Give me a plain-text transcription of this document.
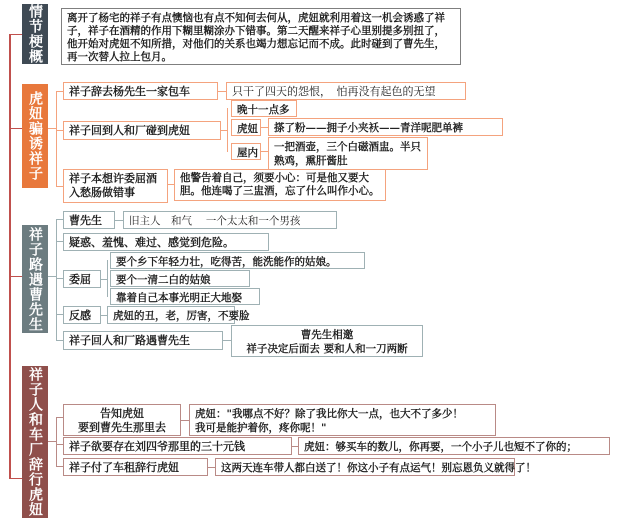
情节梗概	离开了杨宅的祥子有点懊恼也有点不知何去何从，虎妞就利用着这一机会诱惑了祥子，祥子在酒精的作用下糊里糊涂办下错事。第二天醒来祥子心里别提多别扭了，他开始对虎妞不知所措，对他们的关系也竭力想忘记而不成。此时碰到了曹先生，再一次替人拉上包月。
虎妞骗诱祥子	祥子辞去杨先生一家包车	只干了四天的怨恨，　怕再没有起色的无望
祥子回到人和厂碰到虎妞
晚十一点多
虎妞	搽了粉——拥子小夹袄——青洋呢肥单裤
屋内	一把酒壶，三个白磁酒盅。半只熟鸡，熏肝酱肚
祥子本想许委屈酒入愁肠做错事
他警告着自己，须要小心：可是他又要大胆。他连喝了三盅酒，忘了什么叫作小心。
祥子路遇曹先生
曹先生	旧主人　和气　 一个太太和一个男孩
疑惑、羞愧、难过、感觉到危险。
委屈
要个乡下年轻力壮，吃得苦，能洗能作的姑娘。
要个一清二白的姑娘
靠着自己本事光明正大地娶
反感	虎妞的丑，老，厉害，不要脸
祥子回人和厂路遇曹先生	曹先生相邀
祥子决定后面去 要和人和一刀两断
祥子人和车厂辞行虎妞	告知虎妞
要到曹先生那里去
虎妞："我哪点不好？除了我比你大一点，也大不了多少！
我可是能护着你，疼你呢！"
祥子欲要存在刘四爷那里的三十元钱	虎妞：够买车的数儿，你再要，一个小子儿也短不了你的；
祥子付了车租辞行虎妞	这两天连车带人都白送了！你这小子有点运气！别忘恩负义就得了！
